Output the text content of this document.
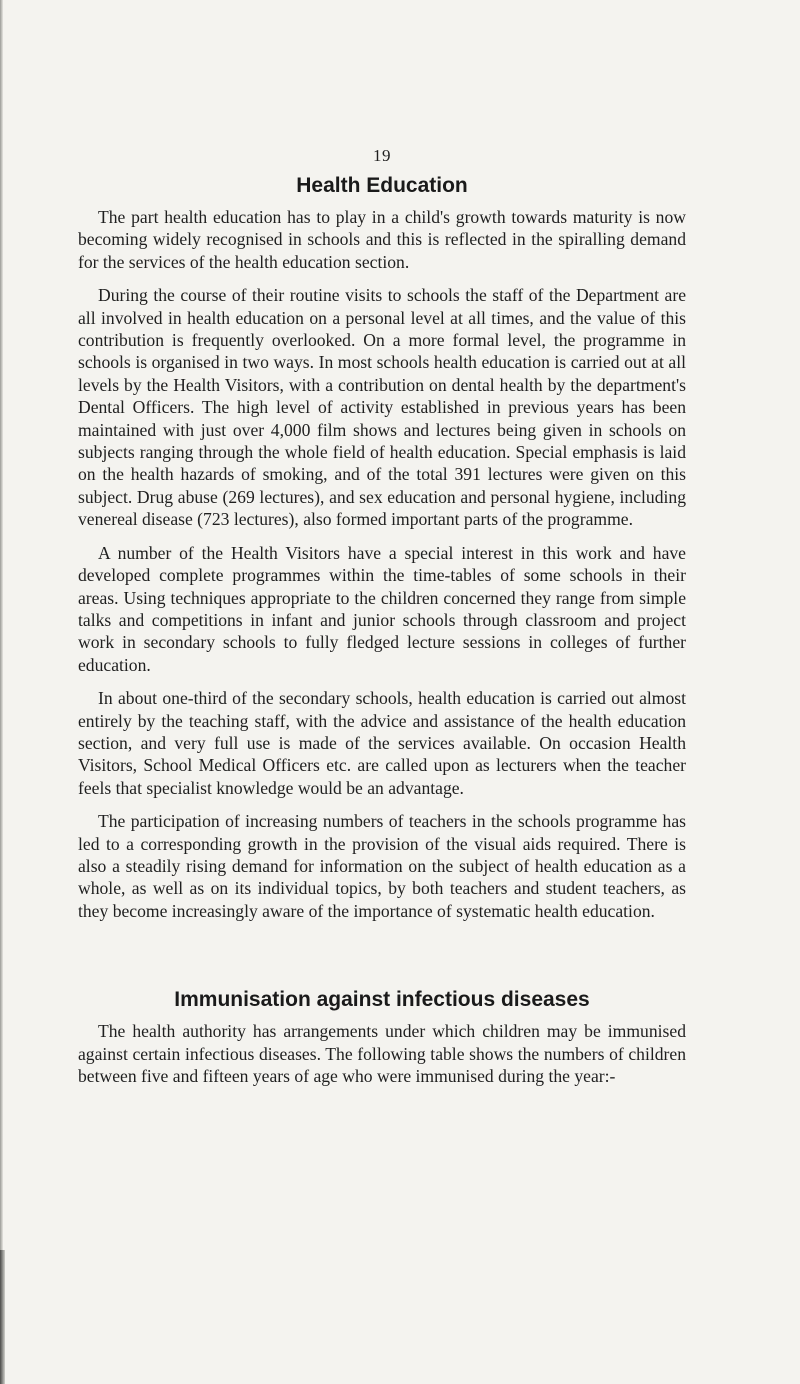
19
Health Education

The part health education has to play in a child's growth towards maturity is now becoming widely recognised in schools and this is reflected in the spiralling demand for the services of the health education section.

During the course of their routine visits to schools the staff of the Department are all involved in health education on a personal level at all times, and the value of this contribution is frequently overlooked. On a more formal level, the programme in schools is organised in two ways. In most schools health education is carried out at all levels by the Health Visitors, with a contribution on dental health by the department's Dental Officers. The high level of activity established in previous years has been maintained with just over 4,000 film shows and lectures being given in schools on subjects ranging through the whole field of health education. Special emphasis is laid on the health hazards of smoking, and of the total 391 lectures were given on this subject. Drug abuse (269 lectures), and sex education and personal hygiene, including venereal disease (723 lectures), also formed important parts of the programme.

A number of the Health Visitors have a special interest in this work and have developed complete programmes within the time-tables of some schools in their areas. Using techniques appropriate to the children concerned they range from simple talks and competitions in infant and junior schools through classroom and project work in secondary schools to fully fledged lecture sessions in colleges of further education.

In about one-third of the secondary schools, health education is carried out almost entirely by the teaching staff, with the advice and assistance of the health education section, and very full use is made of the services available. On occasion Health Visitors, School Medical Officers etc. are called upon as lecturers when the teacher feels that specialist knowledge would be an advantage.

The participation of increasing numbers of teachers in the schools programme has led to a corresponding growth in the provision of the visual aids required. There is also a steadily rising demand for information on the subject of health education as a whole, as well as on its individual topics, by both teachers and student teachers, as they become increasingly aware of the importance of systematic health education.

Immunisation against infectious diseases

The health authority has arrangements under which children may be immunised against certain infectious diseases. The following table shows the numbers of children between five and fifteen years of age who were immunised during the year:-
